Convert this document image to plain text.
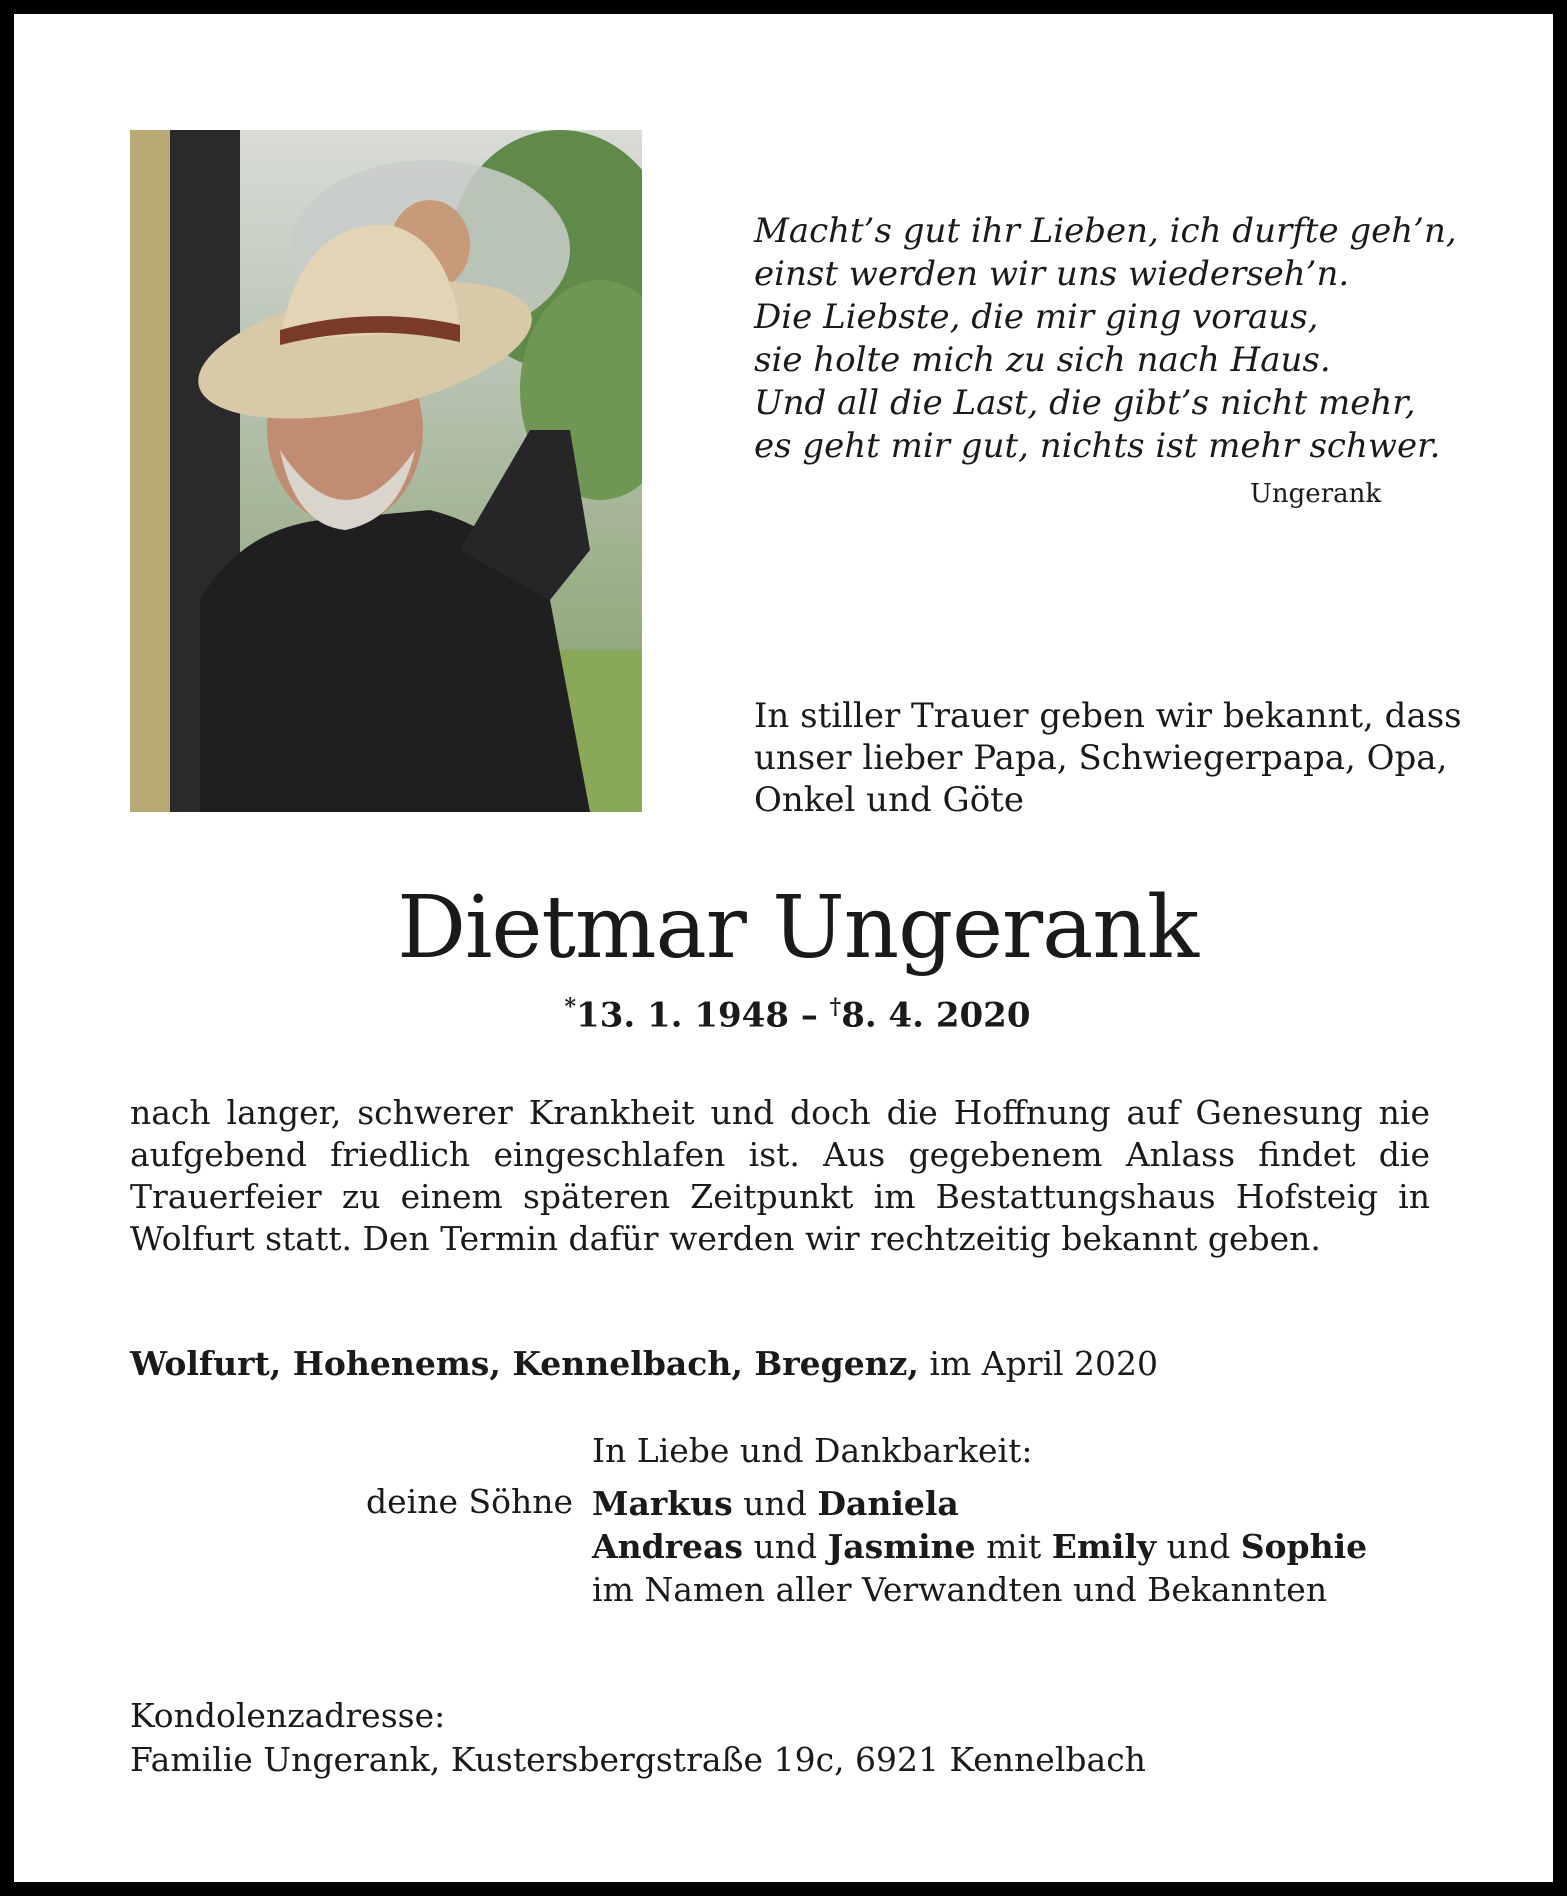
Macht’s gut ihr Lieben, ich durfte geh’n,
einst werden wir uns wiederseh’n.
Die Liebste, die mir ging voraus,
sie holte mich zu sich nach Haus.
Und all die Last, die gibt’s nicht mehr,
es geht mir gut, nichts ist mehr schwer.
Ungerank
In stiller Trauer geben wir bekannt, dass
unser lieber Papa, Schwiegerpapa, Opa,
Onkel und Göte
Dietmar Ungerank
*13. 1. 1948 – †8. 4. 2020
nach langer, schwerer Krankheit und doch die Hoffnung auf Genesung nie
aufgebend friedlich eingeschlafen ist. Aus gegebenem Anlass findet die
Trauerfeier zu einem späteren Zeitpunkt im Bestattungshaus Hofsteig in
Wolfurt statt. Den Termin dafür werden wir rechtzeitig bekannt geben.
Wolfurt, Hohenems, Kennelbach, Bregenz, im April 2020
In Liebe und Dankbarkeit:
deine Söhne Markus und Daniela
Andreas und Jasmine mit Emily und Sophie
im Namen aller Verwandten und Bekannten
Kondolenzadresse:
Familie Ungerank, Kustersbergstraße 19c, 6921 Kennelbach
